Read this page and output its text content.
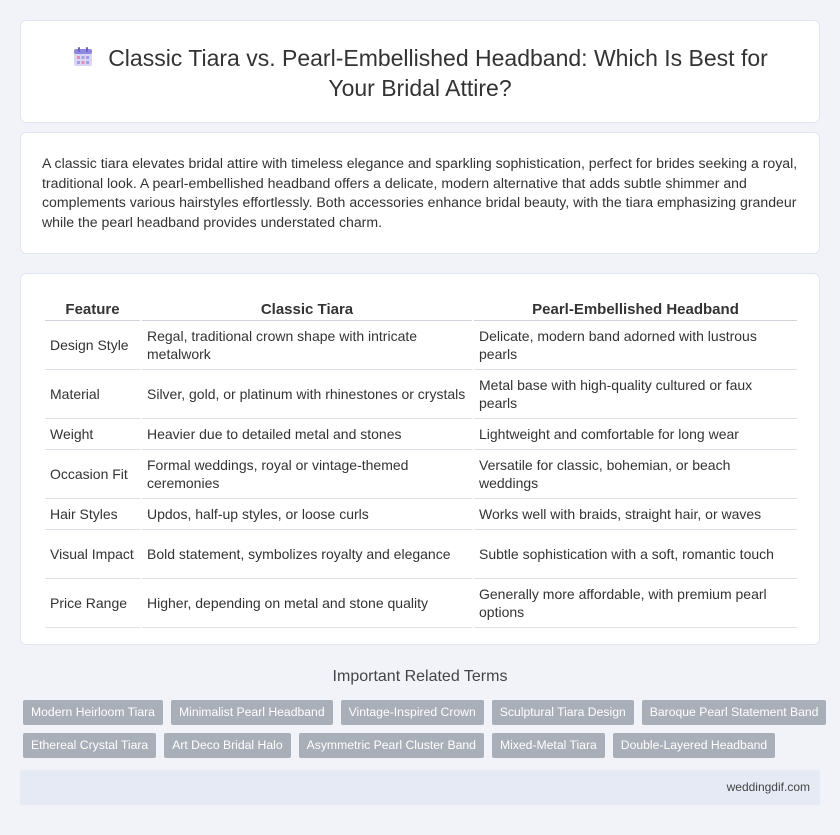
Classic Tiara vs. Pearl-Embellished Headband: Which Is Best for Your Bridal Attire?

A classic tiara elevates bridal attire with timeless elegance and sparkling sophistication, perfect for brides seeking a royal, traditional look. A pearl-embellished headband offers a delicate, modern alternative that adds subtle shimmer and complements various hairstyles effortlessly. Both accessories enhance bridal beauty, with the tiara emphasizing grandeur while the pearl headband provides understated charm.

Feature	Classic Tiara	Pearl-Embellished Headband
Design Style	Regal, traditional crown shape with intricate metalwork	Delicate, modern band adorned with lustrous pearls
Material	Silver, gold, or platinum with rhinestones or crystals	Metal base with high-quality cultured or faux pearls
Weight	Heavier due to detailed metal and stones	Lightweight and comfortable for long wear
Occasion Fit	Formal weddings, royal or vintage-themed ceremonies	Versatile for classic, bohemian, or beach weddings
Hair Styles	Updos, half-up styles, or loose curls	Works well with braids, straight hair, or waves
Visual Impact	Bold statement, symbolizes royalty and elegance	Subtle sophistication with a soft, romantic touch
Price Range	Higher, depending on metal and stone quality	Generally more affordable, with premium pearl options
Important Related Terms
Modern Heirloom Tiara	Minimalist Pearl Headband	Vintage-Inspired Crown	Sculptural Tiara Design	Baroque Pearl Statement Band
Ethereal Crystal Tiara	Art Deco Bridal Halo	Asymmetric Pearl Cluster Band	Mixed-Metal Tiara	Double-Layered Headband
weddingdif.com
